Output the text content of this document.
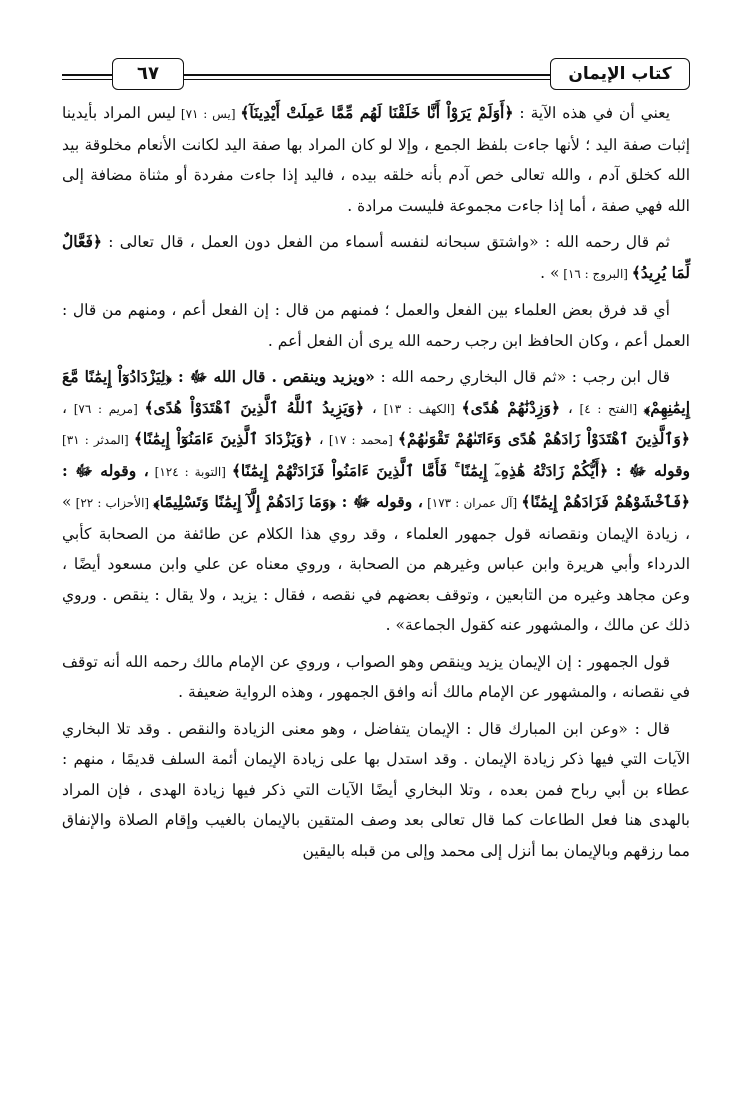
كتاب الإيمان
٦٧

يعني أن في هذه الآية : ﴿أَوَلَمْ يَرَوْاْ أَنَّا خَلَقْنَا لَهُم مِّمَّا عَمِلَتْ أَيْدِينَآ﴾ [يس : ٧١] ليس المراد بأيدينا إثبات صفة اليد ؛ لأنها جاءت بلفظ الجمع ، وإلا لو كان المراد بها صفة اليد لكانت الأنعام مخلوقة بيد الله كخلق آدم ، والله تعالى خص آدم بأنه خلقه بيده ، فاليد إذا جاءت مفردة أو مثناة مضافة إلى الله فهي صفة ، أما إذا جاءت مجموعة فليست مرادة .

ثم قال رحمه الله : «واشتق سبحانه لنفسه أسماء من الفعل دون العمل ، قال تعالى : ﴿فَعَّالٌ لِّمَا يُرِيدُ﴾ [البروج : ١٦] » .

أي قد فرق بعض العلماء بين الفعل والعمل ؛ فمنهم من قال : إن الفعل أعم ، ومنهم من قال : العمل أعم ، وكان الحافظ ابن رجب رحمه الله يرى أن الفعل أعم .

قال ابن رجب : «ثم قال البخاري رحمه الله : «ويزيد وينقص . قال الله ﷻ : ﴿لِيَزْدَادُوٓاْ إِيمَٰنًا مَّعَ إِيمَٰنِهِمْ﴾ [الفتح : ٤] ، ﴿وَزِدْنَٰهُمْ هُدًى﴾ [الكهف : ١٣] ، ﴿وَيَزِيدُ ٱللَّهُ ٱلَّذِينَ ٱهْتَدَوْاْ هُدًى﴾ [مريم : ٧٦] ، ﴿وَٱلَّذِينَ ٱهْتَدَوْاْ زَادَهُمْ هُدًى وَءَاتَىٰهُمْ تَقْوَىٰهُمْ﴾ [محمد : ١٧] ، ﴿وَيَزْدَادَ ٱلَّذِينَ ءَامَنُوٓاْ إِيمَٰنًا﴾ [المدثر : ٣١] وقوله ﷻ : ﴿أَيُّكُمْ زَادَتْهُ هَٰذِهِۦٓ إِيمَٰنًا ۚ فَأَمَّا ٱلَّذِينَ ءَامَنُواْ فَزَادَتْهُمْ إِيمَٰنًا﴾ [التوبة : ١٢٤] ، وقوله ﷻ : ﴿فَٱخْشَوْهُمْ فَزَادَهُمْ إِيمَٰنًا﴾ [آل عمران : ١٧٣] ، وقوله ﷻ : ﴿وَمَا زَادَهُمْ إِلَّآ إِيمَٰنًا وَتَسْلِيمًا﴾ [الأحزاب : ٢٢] » ، زيادة الإيمان ونقصانه قول جمهور العلماء ، وقد روي هذا الكلام عن طائفة من الصحابة كأبي الدرداء وأبي هريرة وابن عباس وغيرهم من الصحابة ، وروي معناه عن علي وابن مسعود أيضًا ، وعن مجاهد وغيره من التابعين ، وتوقف بعضهم في نقصه ، فقال : يزيد ، ولا يقال : ينقص . وروي ذلك عن مالك ، والمشهور عنه كقول الجماعة» .

قول الجمهور : إن الإيمان يزيد وينقص وهو الصواب ، وروي عن الإمام مالك رحمه الله أنه توقف في نقصانه ، والمشهور عن الإمام مالك أنه وافق الجمهور ، وهذه الرواية ضعيفة .

قال : «وعن ابن المبارك قال : الإيمان يتفاضل ، وهو معنى الزيادة والنقص . وقد تلا البخاري الآيات التي فيها ذكر زيادة الإيمان . وقد استدل بها على زيادة الإيمان أئمة السلف قديمًا ، منهم : عطاء بن أبي رباح فمن بعده ، وتلا البخاري أيضًا الآيات التي ذكر فيها زيادة الهدى ، فإن المراد بالهدى هنا فعل الطاعات كما قال تعالى بعد وصف المتقين بالإيمان بالغيب وإقام الصلاة والإنفاق مما رزقهم وبالإيمان بما أنزل إلى محمد وإلى من قبله باليقين
